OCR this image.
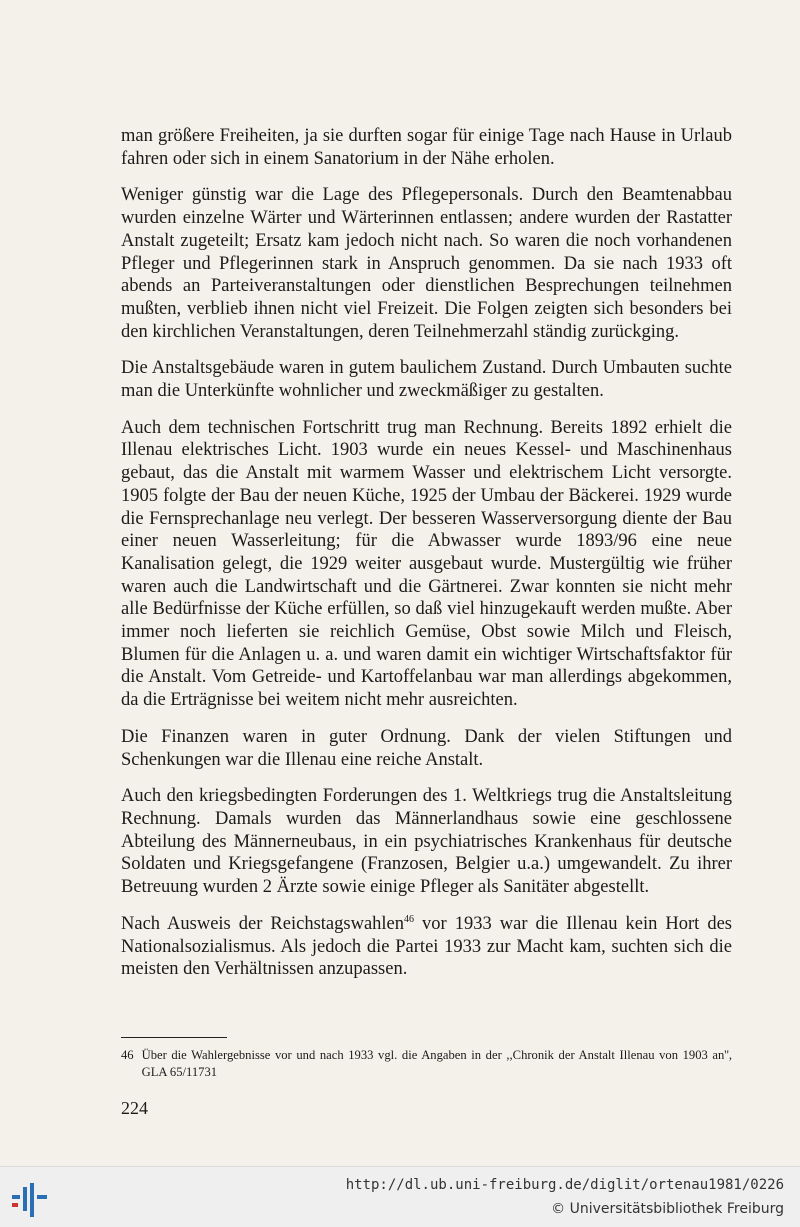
man größere Freiheiten, ja sie durften sogar für einige Tage nach Hause in Urlaub fahren oder sich in einem Sanatorium in der Nähe erholen.

Weniger günstig war die Lage des Pflegepersonals. Durch den Beamtenabbau wurden einzelne Wärter und Wärterinnen entlassen; andere wurden der Rastatter Anstalt zugeteilt; Ersatz kam jedoch nicht nach. So waren die noch vorhandenen Pfleger und Pflegerinnen stark in Anspruch genommen. Da sie nach 1933 oft abends an Parteiveranstaltungen oder dienstlichen Besprechungen teilnehmen mußten, verblieb ihnen nicht viel Freizeit. Die Folgen zeigten sich besonders bei den kirchlichen Veranstaltungen, deren Teilnehmerzahl ständig zurückging.

Die Anstaltsgebäude waren in gutem baulichem Zustand. Durch Umbauten suchte man die Unterkünfte wohnlicher und zweckmäßiger zu gestalten.

Auch dem technischen Fortschritt trug man Rechnung. Bereits 1892 erhielt die Illenau elektrisches Licht. 1903 wurde ein neues Kessel- und Maschinenhaus gebaut, das die Anstalt mit warmem Wasser und elektrischem Licht versorgte. 1905 folgte der Bau der neuen Küche, 1925 der Umbau der Bäckerei. 1929 wurde die Fernsprechanlage neu verlegt. Der besseren Wasserversorgung diente der Bau einer neuen Wasserleitung; für die Abwasser wurde 1893/96 eine neue Kanalisation gelegt, die 1929 weiter ausgebaut wurde. Mustergültig wie früher waren auch die Landwirtschaft und die Gärtnerei. Zwar konnten sie nicht mehr alle Bedürfnisse der Küche erfüllen, so daß viel hinzugekauft werden mußte. Aber immer noch lieferten sie reichlich Gemüse, Obst sowie Milch und Fleisch, Blumen für die Anlagen u. a. und waren damit ein wichtiger Wirtschaftsfaktor für die Anstalt. Vom Getreide- und Kartoffelanbau war man allerdings abgekommen, da die Erträgnisse bei weitem nicht mehr ausreichten.

Die Finanzen waren in guter Ordnung. Dank der vielen Stiftungen und Schenkungen war die Illenau eine reiche Anstalt.

Auch den kriegsbedingten Forderungen des 1. Weltkriegs trug die Anstaltsleitung Rechnung. Damals wurden das Männerlandhaus sowie eine geschlossene Abteilung des Männerneubaus, in ein psychiatrisches Krankenhaus für deutsche Soldaten und Kriegsgefangene (Franzosen, Belgier u.a.) umgewandelt. Zu ihrer Betreuung wurden 2 Ärzte sowie einige Pfleger als Sanitäter abgestellt.

Nach Ausweis der Reichstagswahlen$^{46}$ vor 1933 war die Illenau kein Hort des Nationalsozialismus. Als jedoch die Partei 1933 zur Macht kam, suchten sich die meisten den Verhältnissen anzupassen.

46 Über die Wahlergebnisse vor und nach 1933 vgl. die Angaben in der ,,Chronik der Anstalt Illenau von 1903 an'', GLA 65/11731
224
http://dl.ub.uni-freiburg.de/diglit/ortenau1981/0226
© Universitätsbibliothek Freiburg
